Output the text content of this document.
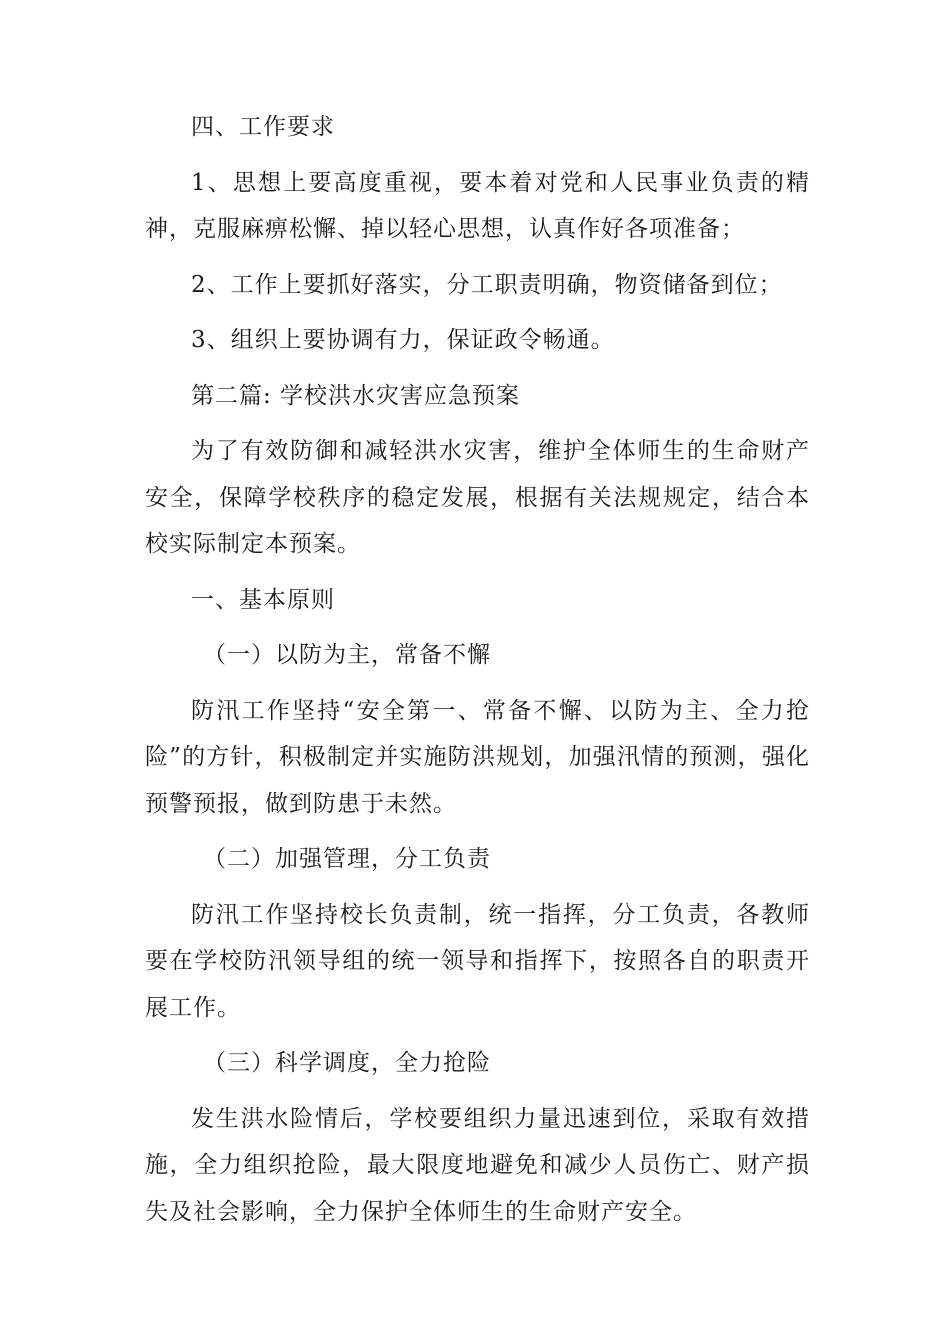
四、工作要求

1、思想上要高度重视，要本着对党和人民事业负责的精神，克服麻痹松懈、掉以轻心思想，认真作好各项准备；

2、工作上要抓好落实，分工职责明确，物资储备到位；

3、组织上要协调有力，保证政令畅通。

第二篇: 学校洪水灾害应急预案

为了有效防御和减轻洪水灾害，维护全体师生的生命财产安全，保障学校秩序的稳定发展，根据有关法规规定，结合本校实际制定本预案。

一、基本原则

（一）以防为主，常备不懈

防汛工作坚持“安全第一、常备不懈、以防为主、全力抢险”的方针，积极制定并实施防洪规划，加强汛情的预测，强化预警预报，做到防患于未然。

（二）加强管理，分工负责

防汛工作坚持校长负责制，统一指挥，分工负责，各教师要在学校防汛领导组的统一领导和指挥下，按照各自的职责开展工作。

（三）科学调度，全力抢险

发生洪水险情后，学校要组织力量迅速到位，采取有效措施，全力组织抢险，最大限度地避免和减少人员伤亡、财产损失及社会影响，全力保护全体师生的生命财产安全。
